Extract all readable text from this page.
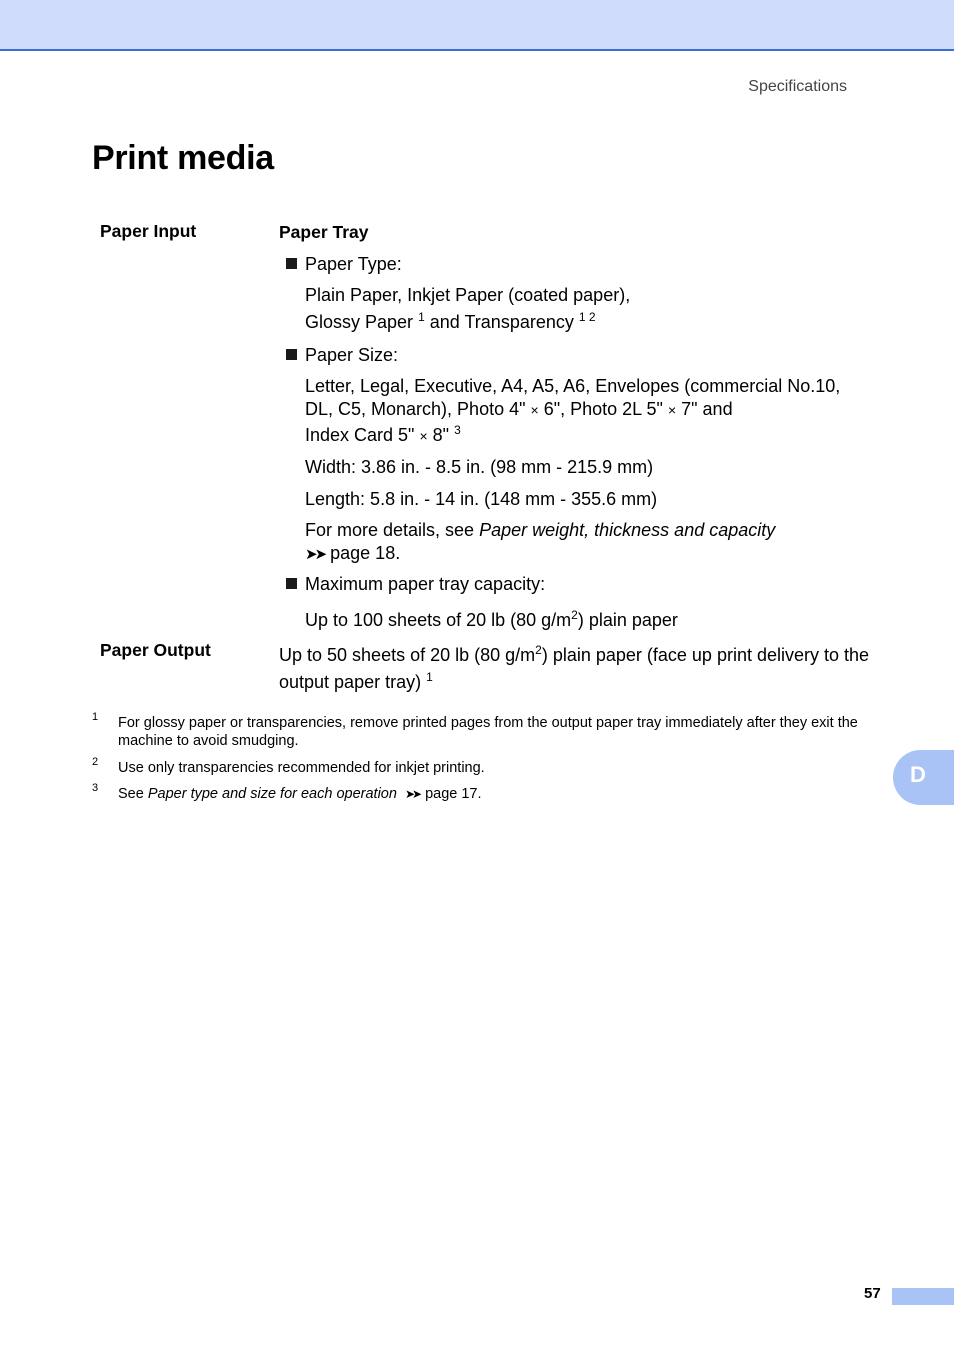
Specifications
Print media
Paper Input	Paper Tray
Paper Type:
Plain Paper, Inkjet Paper (coated paper),
Glossy Paper $^1$ and Transparency $^{1 2}$
Paper Size:
Letter, Legal, Executive, A4, A5, A6, Envelopes (commercial No.10,
DL, C5, Monarch), Photo 4" × 6", Photo 2L 5" × 7" and
Index Card 5" × 8" $^3$
Width: 3.86 in. - 8.5 in. (98 mm - 215.9 mm)
Length: 5.8 in. - 14 in. (148 mm - 355.6 mm)
For more details, see Paper weight, thickness and capacity
➤➤ page 18.
Maximum paper tray capacity:
Up to 100 sheets of 20 lb (80 $g/m^2$) plain paper
Paper Output	Up to 50 sheets of 20 lb (80 $g/m^2$) plain paper (face up print delivery to the
output paper tray) $^1$
1 For glossy paper or transparencies, remove printed pages from the output paper tray immediately after they exit the
machine to avoid smudging.
2 Use only transparencies recommended for inkjet printing.
3 See Paper type and size for each operation ➤➤ page 17.
D
57
